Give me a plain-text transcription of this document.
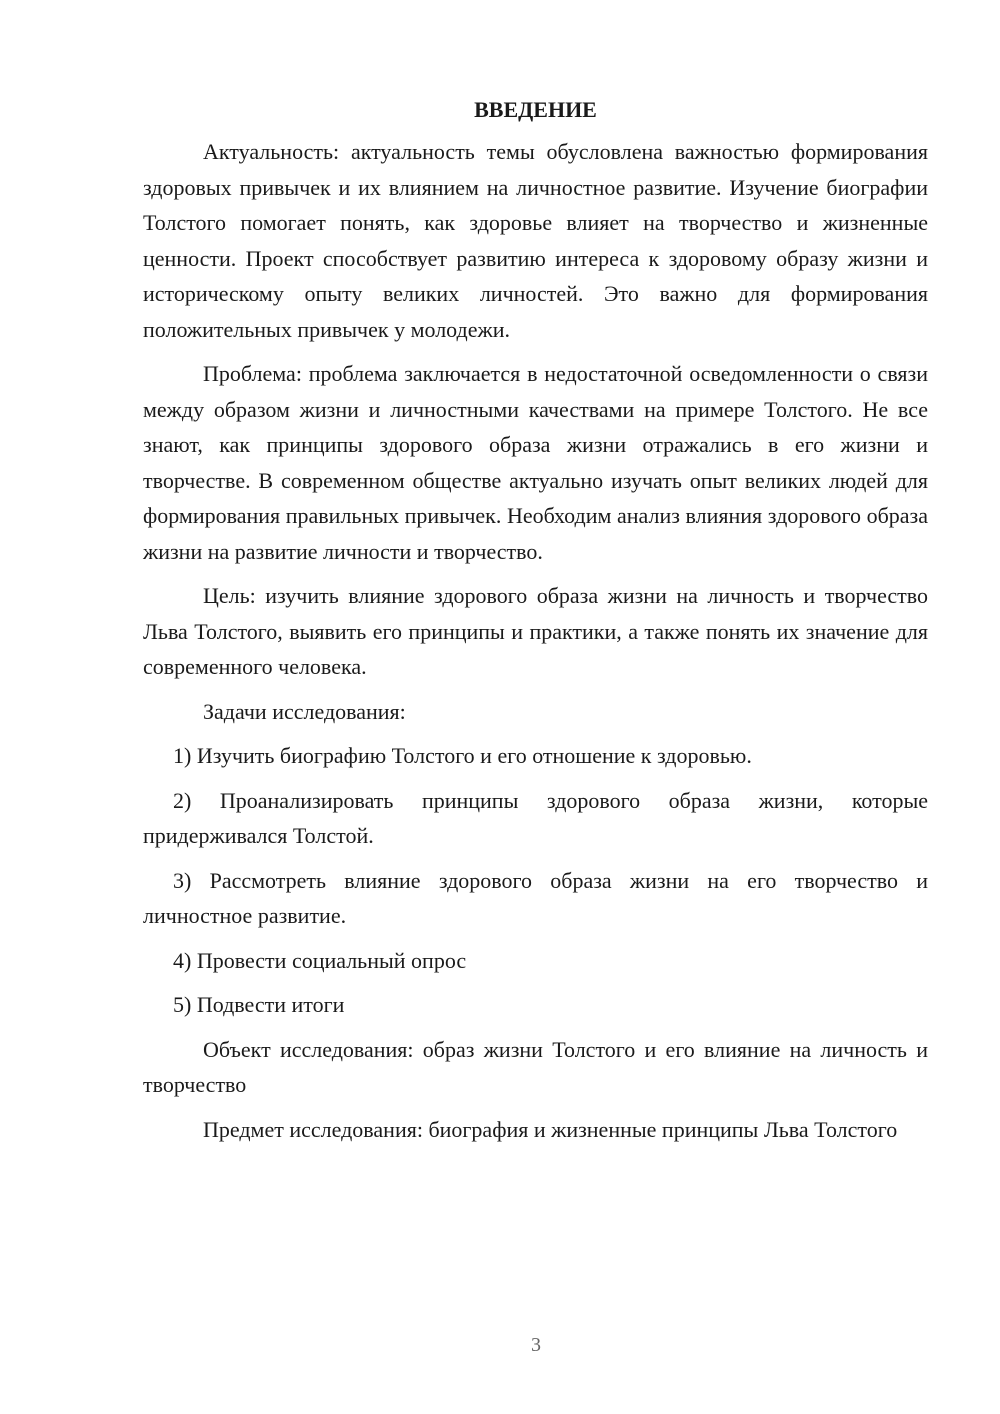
ВВЕДЕНИЕ

Актуальность: актуальность темы обусловлена важностью формирования здоровых привычек и их влиянием на личностное развитие. Изучение биографии Толстого помогает понять, как здоровье влияет на творчество и жизненные ценности. Проект способствует развитию интереса к здоровому образу жизни и историческому опыту великих личностей. Это важно для формирования положительных привычек у молодежи.

Проблема: проблема заключается в недостаточной осведомленности о связи между образом жизни и личностными качествами на примере Толстого. Не все знают, как принципы здорового образа жизни отражались в его жизни и творчестве. В современном обществе актуально изучать опыт великих людей для формирования правильных привычек. Необходим анализ влияния здорового образа жизни на развитие личности и творчество.

Цель: изучить влияние здорового образа жизни на личность и творчество Льва Толстого, выявить его принципы и практики, а также понять их значение для современного человека.

Задачи исследования:

1) Изучить биографию Толстого и его отношение к здоровью.

2) Проанализировать принципы здорового образа жизни, которые придерживался Толстой.

3) Рассмотреть влияние здорового образа жизни на его творчество и личностное развитие.

4) Провести социальный опрос

5) Подвести итоги

Объект исследования: образ жизни Толстого и его влияние на личность и творчество

Предмет исследования: биография и жизненные принципы Льва Толстого

3
